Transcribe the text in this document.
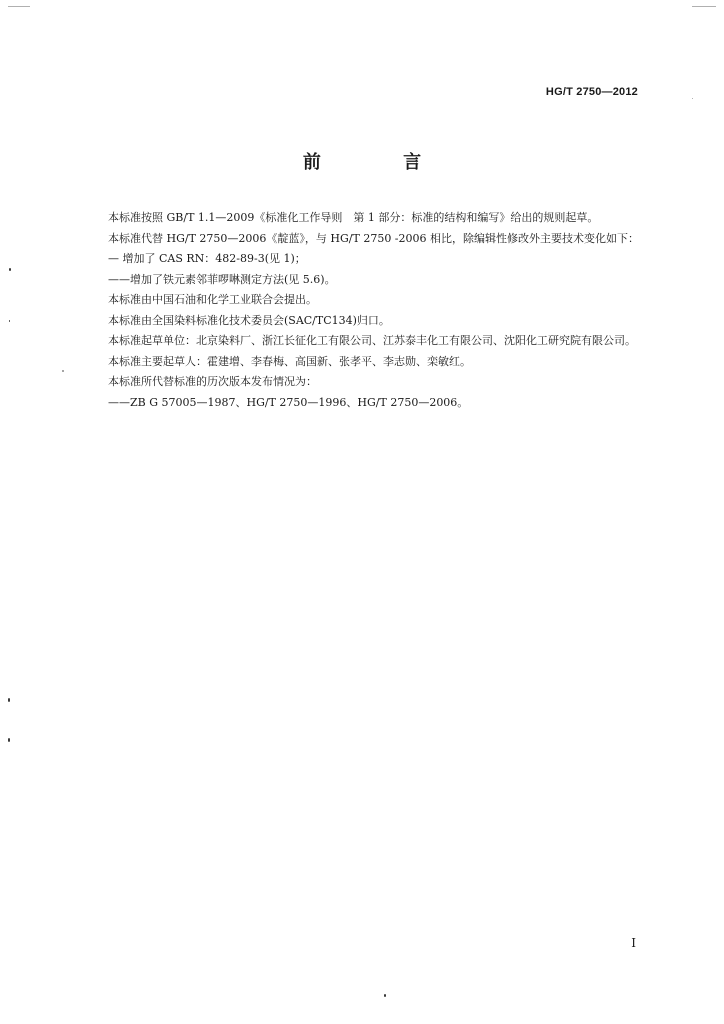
HG/T 2750—2012
前 言

本标准按照 GB/T 1.1—2009《标准化工作导则　第 1 部分：标准的结构和编写》给出的规则起草。

本标准代替 HG/T 2750—2006《靛蓝》，与 HG/T 2750 -2006 相比，除编辑性修改外主要技术变化如下：

— 增加了 CAS RN：482-89-3(见 1)；

——增加了铁元素邻菲啰啉测定方法(见 5.6)。

本标准由中国石油和化学工业联合会提出。

本标准由全国染料标准化技术委员会(SAC/TC134)归口。

本标准起草单位：北京染料厂、浙江长征化工有限公司、江苏泰丰化工有限公司、沈阳化工研究院有限公司。

本标准主要起草人：霍建增、李春梅、高国新、张孝平、李志勋、栾敏红。

本标准所代替标准的历次版本发布情况为：

——ZB G 57005—1987、HG/T 2750—1996、HG/T 2750—2006。

I
